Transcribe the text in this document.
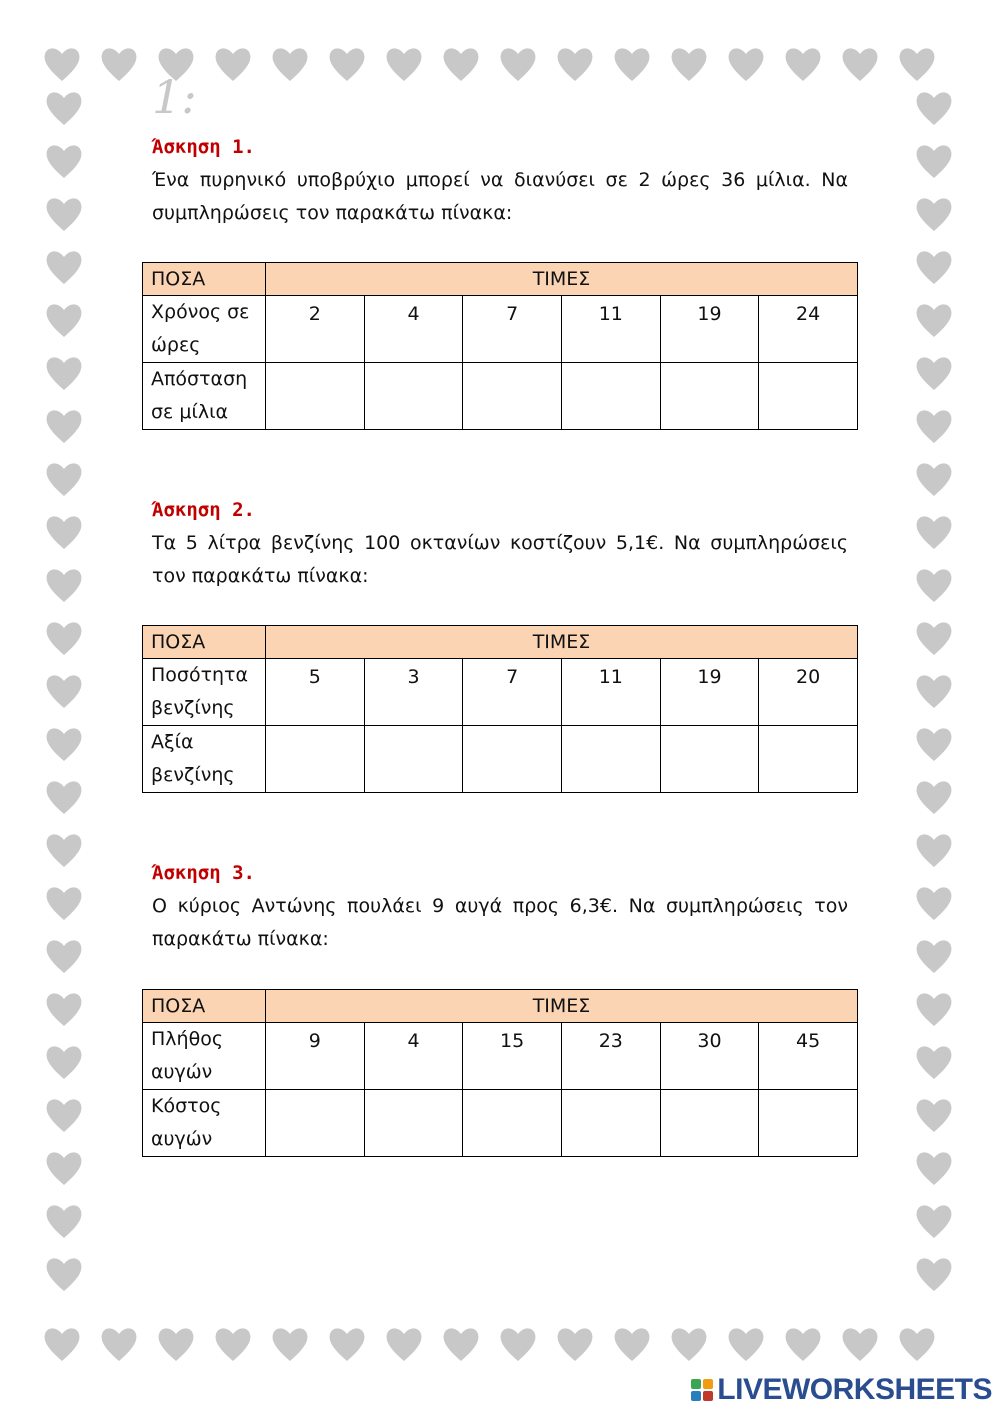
1:

Άσκηση 1.

Ένα πυρηνικό υποβρύχιο μπορεί να διανύσει σε 2 ώρες 36 μίλια. Να συμπληρώσεις τον παρακάτω πίνακα:

ΠΟΣΑ	ΤΙΜΕΣ					
Χρόνος σε ώρες	2	4	7	11	19	24
Απόσταση σε μίλια						

Άσκηση 2.

Τα 5 λίτρα βενζίνης 100 οκτανίων κοστίζουν 5,1€. Να συμπληρώσεις τον παρακάτω πίνακα:

ΠΟΣΑ	ΤΙΜΕΣ					
Ποσότητα βενζίνης	5	3	7	11	19	20
Αξία βενζίνης						

Άσκηση 3.

Ο κύριος Αντώνης πουλάει 9 αυγά προς 6,3€. Να συμπληρώσεις τον παρακάτω πίνακα:

ΠΟΣΑ	ΤΙΜΕΣ					
Πλήθος αυγών	9	4	15	23	30	45
Κόστος αυγών						
LIVEWORKSHEETS
